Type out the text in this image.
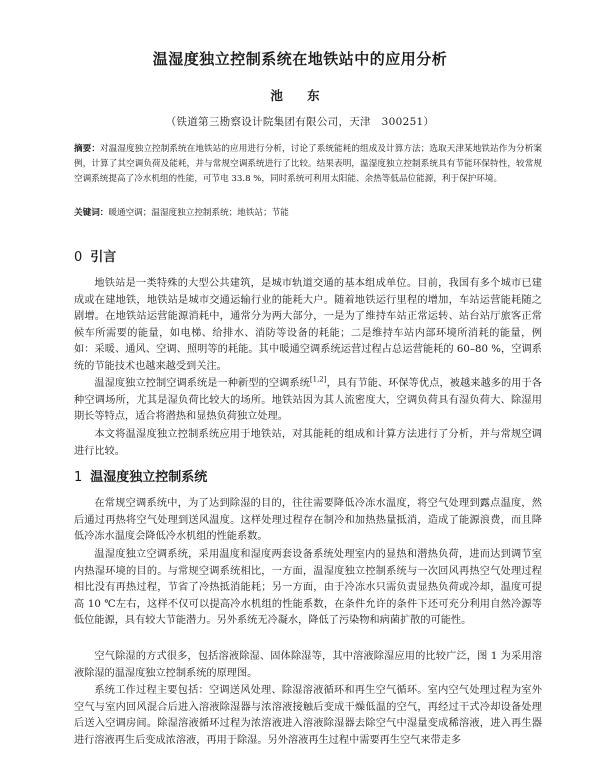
温湿度独立控制系统在地铁站中的应用分析
池 东
（铁道第三勘察设计院集团有限公司，天津　300251）
摘要：对温湿度独立控制系统在地铁站的应用进行分析，讨论了系统能耗的组成及计算方法；选取天津某地铁站作为分析案例，计算了其空调负荷及能耗，并与常规空调系统进行了比较。结果表明，温湿度独立控制系统具有节能环保特性，较常规空调系统提高了冷水机组的性能，可节电 33.8 %，同时系统可利用太阳能、余热等低品位能源，利于保护环境。
关键词：暖通空调；温湿度独立控制系统；地铁站；节能
0 引言
地铁站是一类特殊的大型公共建筑，是城市轨道交通的基本组成单位。目前，我国有多个城市已建成或在建地铁，地铁站是城市交通运输行业的能耗大户。随着地铁运行里程的增加，车站运营能耗随之剧增。在地铁站运营能源消耗中，通常分为两大部分，一是为了维持车站正常运转、站台站厅旅客正常候车所需要的能量，如电梯、给排水、消防等设备的耗能；二是维持车站内部环境所消耗的能量，例如：采暖、通风、空调、照明等的耗能。其中暖通空调系统运营过程占总运营能耗的 60–80 %，空调系统的节能技术也越来越受到关注。
温湿度独立控制空调系统是一种新型的空调系统[1,2]，具有节能、环保等优点，被越来越多的用于各种空调场所，尤其是湿负荷比较大的场所。地铁站因为其人流密度大，空调负荷具有湿负荷大、除湿用期长等特点，适合将潜热和显热负荷独立处理。
本文将温湿度独立控制系统应用于地铁站，对其能耗的组成和计算方法进行了分析，并与常规空调进行比较。
1 温湿度独立控制系统
在常规空调系统中，为了达到除湿的目的，往往需要降低冷冻水温度，将空气处理到露点温度，然后通过再热将空气处理到送风温度。这样处理过程存在制冷和加热热量抵消，造成了能源浪费，而且降低冷冻水温度会降低冷水机组的性能系数。
温湿度独立空调系统，采用温度和湿度两套设备系统处理室内的显热和潜热负荷，进而达到调节室内热湿环境的目的。与常规空调系统相比，一方面，温湿度独立控制系统与一次回风再热空气处理过程相比没有再热过程，节省了冷热抵消能耗；另一方面，由于冷冻水只需负责显热负荷或冷却，温度可提高 10 ℃左右，这样不仅可以提高冷水机组的性能系数，在条件允许的条件下还可充分利用自然冷源等低位能源，具有较大节能潜力。另外系统无冷凝水，降低了污染物和病菌扩散的可能性。
空气除湿的方式很多，包括溶液除湿、固体除湿等，其中溶液除湿应用的比较广泛，图 1 为采用溶液除湿的温湿度独立控制系统的原理图。
系统工作过程主要包括：空调送风处理、除湿溶液循环和再生空气循环。室内空气处理过程为室外空气与室内回风混合后进入溶液除湿器与浓溶液接触后变成干燥低温的空气，再经过干式冷却设备处理后送入空调房间。除湿溶液循环过程为浓溶液进入溶液除湿器去除空气中湿量变成稀溶液，进入再生器进行溶液再生后变成浓溶液，再用于除湿。另外溶液再生过程中需要再生空气来带走多
